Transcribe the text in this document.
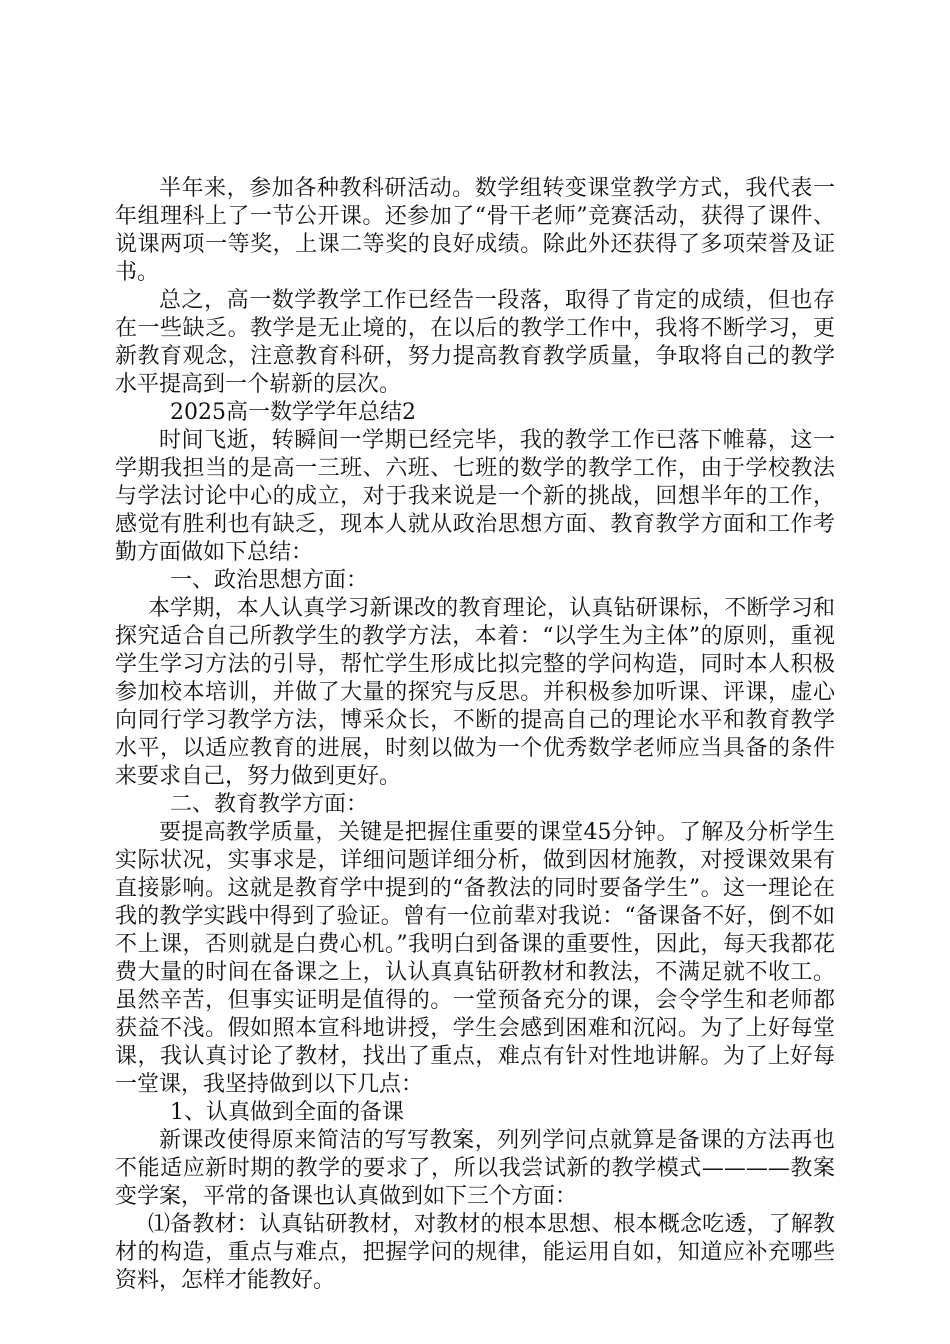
半年来，参加各种教科研活动。数学组转变课堂教学方式，我代表一年组理科上了一节公开课。还参加了“骨干老师”竞赛活动，获得了课件、说课两项一等奖，上课二等奖的良好成绩。除此外还获得了多项荣誉及证书。

总之，高一数学教学工作已经告一段落，取得了肯定的成绩，但也存在一些缺乏。教学是无止境的，在以后的教学工作中，我将不断学习，更新教育观念，注意教育科研，努力提高教育教学质量，争取将自己的教学水平提高到一个崭新的层次。

2025高一数学学年总结2

时间飞逝，转瞬间一学期已经完毕，我的教学工作已落下帷幕，这一学期我担当的是高一三班、六班、七班的数学的教学工作，由于学校教法与学法讨论中心的成立，对于我来说是一个新的挑战，回想半年的工作，感觉有胜利也有缺乏，现本人就从政治思想方面、教育教学方面和工作考勤方面做如下总结：

一、政治思想方面：

本学期，本人认真学习新课改的教育理论，认真钻研课标，不断学习和探究适合自己所教学生的教学方法，本着：“以学生为主体”的原则，重视学生学习方法的引导，帮忙学生形成比拟完整的学问构造，同时本人积极参加校本培训，并做了大量的探究与反思。并积极参加听课、评课，虚心向同行学习教学方法，博采众长，不断的提高自己的理论水平和教育教学水平，以适应教育的进展，时刻以做为一个优秀数学老师应当具备的条件来要求自己，努力做到更好。

二、教育教学方面：

要提高教学质量，关键是把握住重要的课堂45分钟。了解及分析学生实际状况，实事求是，详细问题详细分析，做到因材施教，对授课效果有直接影响。这就是教育学中提到的“备教法的同时要备学生”。这一理论在我的教学实践中得到了验证。曾有一位前辈对我说：“备课备不好，倒不如不上课，否则就是白费心机。”我明白到备课的重要性，因此，每天我都花费大量的时间在备课之上，认认真真钻研教材和教法，不满足就不收工。虽然辛苦，但事实证明是值得的。一堂预备充分的课，会令学生和老师都获益不浅。假如照本宣科地讲授，学生会感到困难和沉闷。为了上好每堂课，我认真讨论了教材，找出了重点，难点有针对性地讲解。为了上好每一堂课，我坚持做到以下几点：

1、认真做到全面的备课

新课改使得原来简洁的写写教案，列列学问点就算是备课的方法再也不能适应新时期的教学的要求了，所以我尝试新的教学模式————教案变学案，平常的备课也认真做到如下三个方面：

⑴备教材：认真钻研教材，对教材的根本思想、根本概念吃透，了解教材的构造，重点与难点，把握学问的规律，能运用自如，知道应补充哪些资料，怎样才能教好。
